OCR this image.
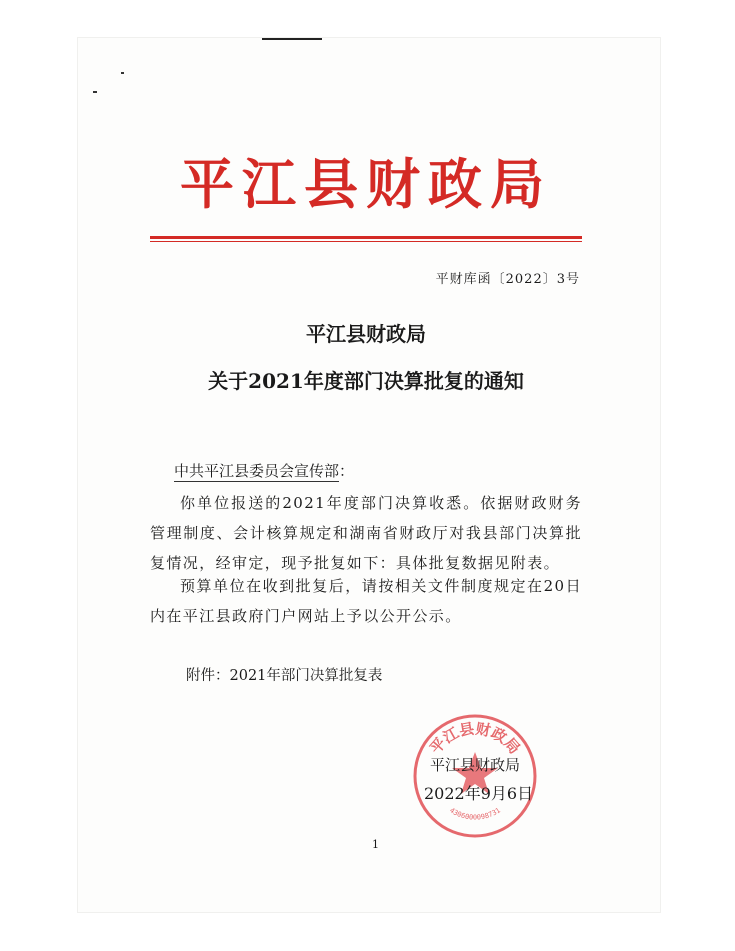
平江县财政局
平财库函〔2022〕3号
平江县财政局
关于2021年度部门决算批复的通知
中共平江县委员会宣传部：
你单位报送的2021年度部门决算收悉。依据财政财务管理制度、会计核算规定和湖南省财政厅对我县部门决算批复情况，经审定，现予批复如下：具体批复数据见附表。
预算单位在收到批复后，请按相关文件制度规定在20日内在平江县政府门户网站上予以公开公示。
附件：2021年部门决算批复表
平江县财政局
4306000098731
平江县财政局
2022年9月6日
1
